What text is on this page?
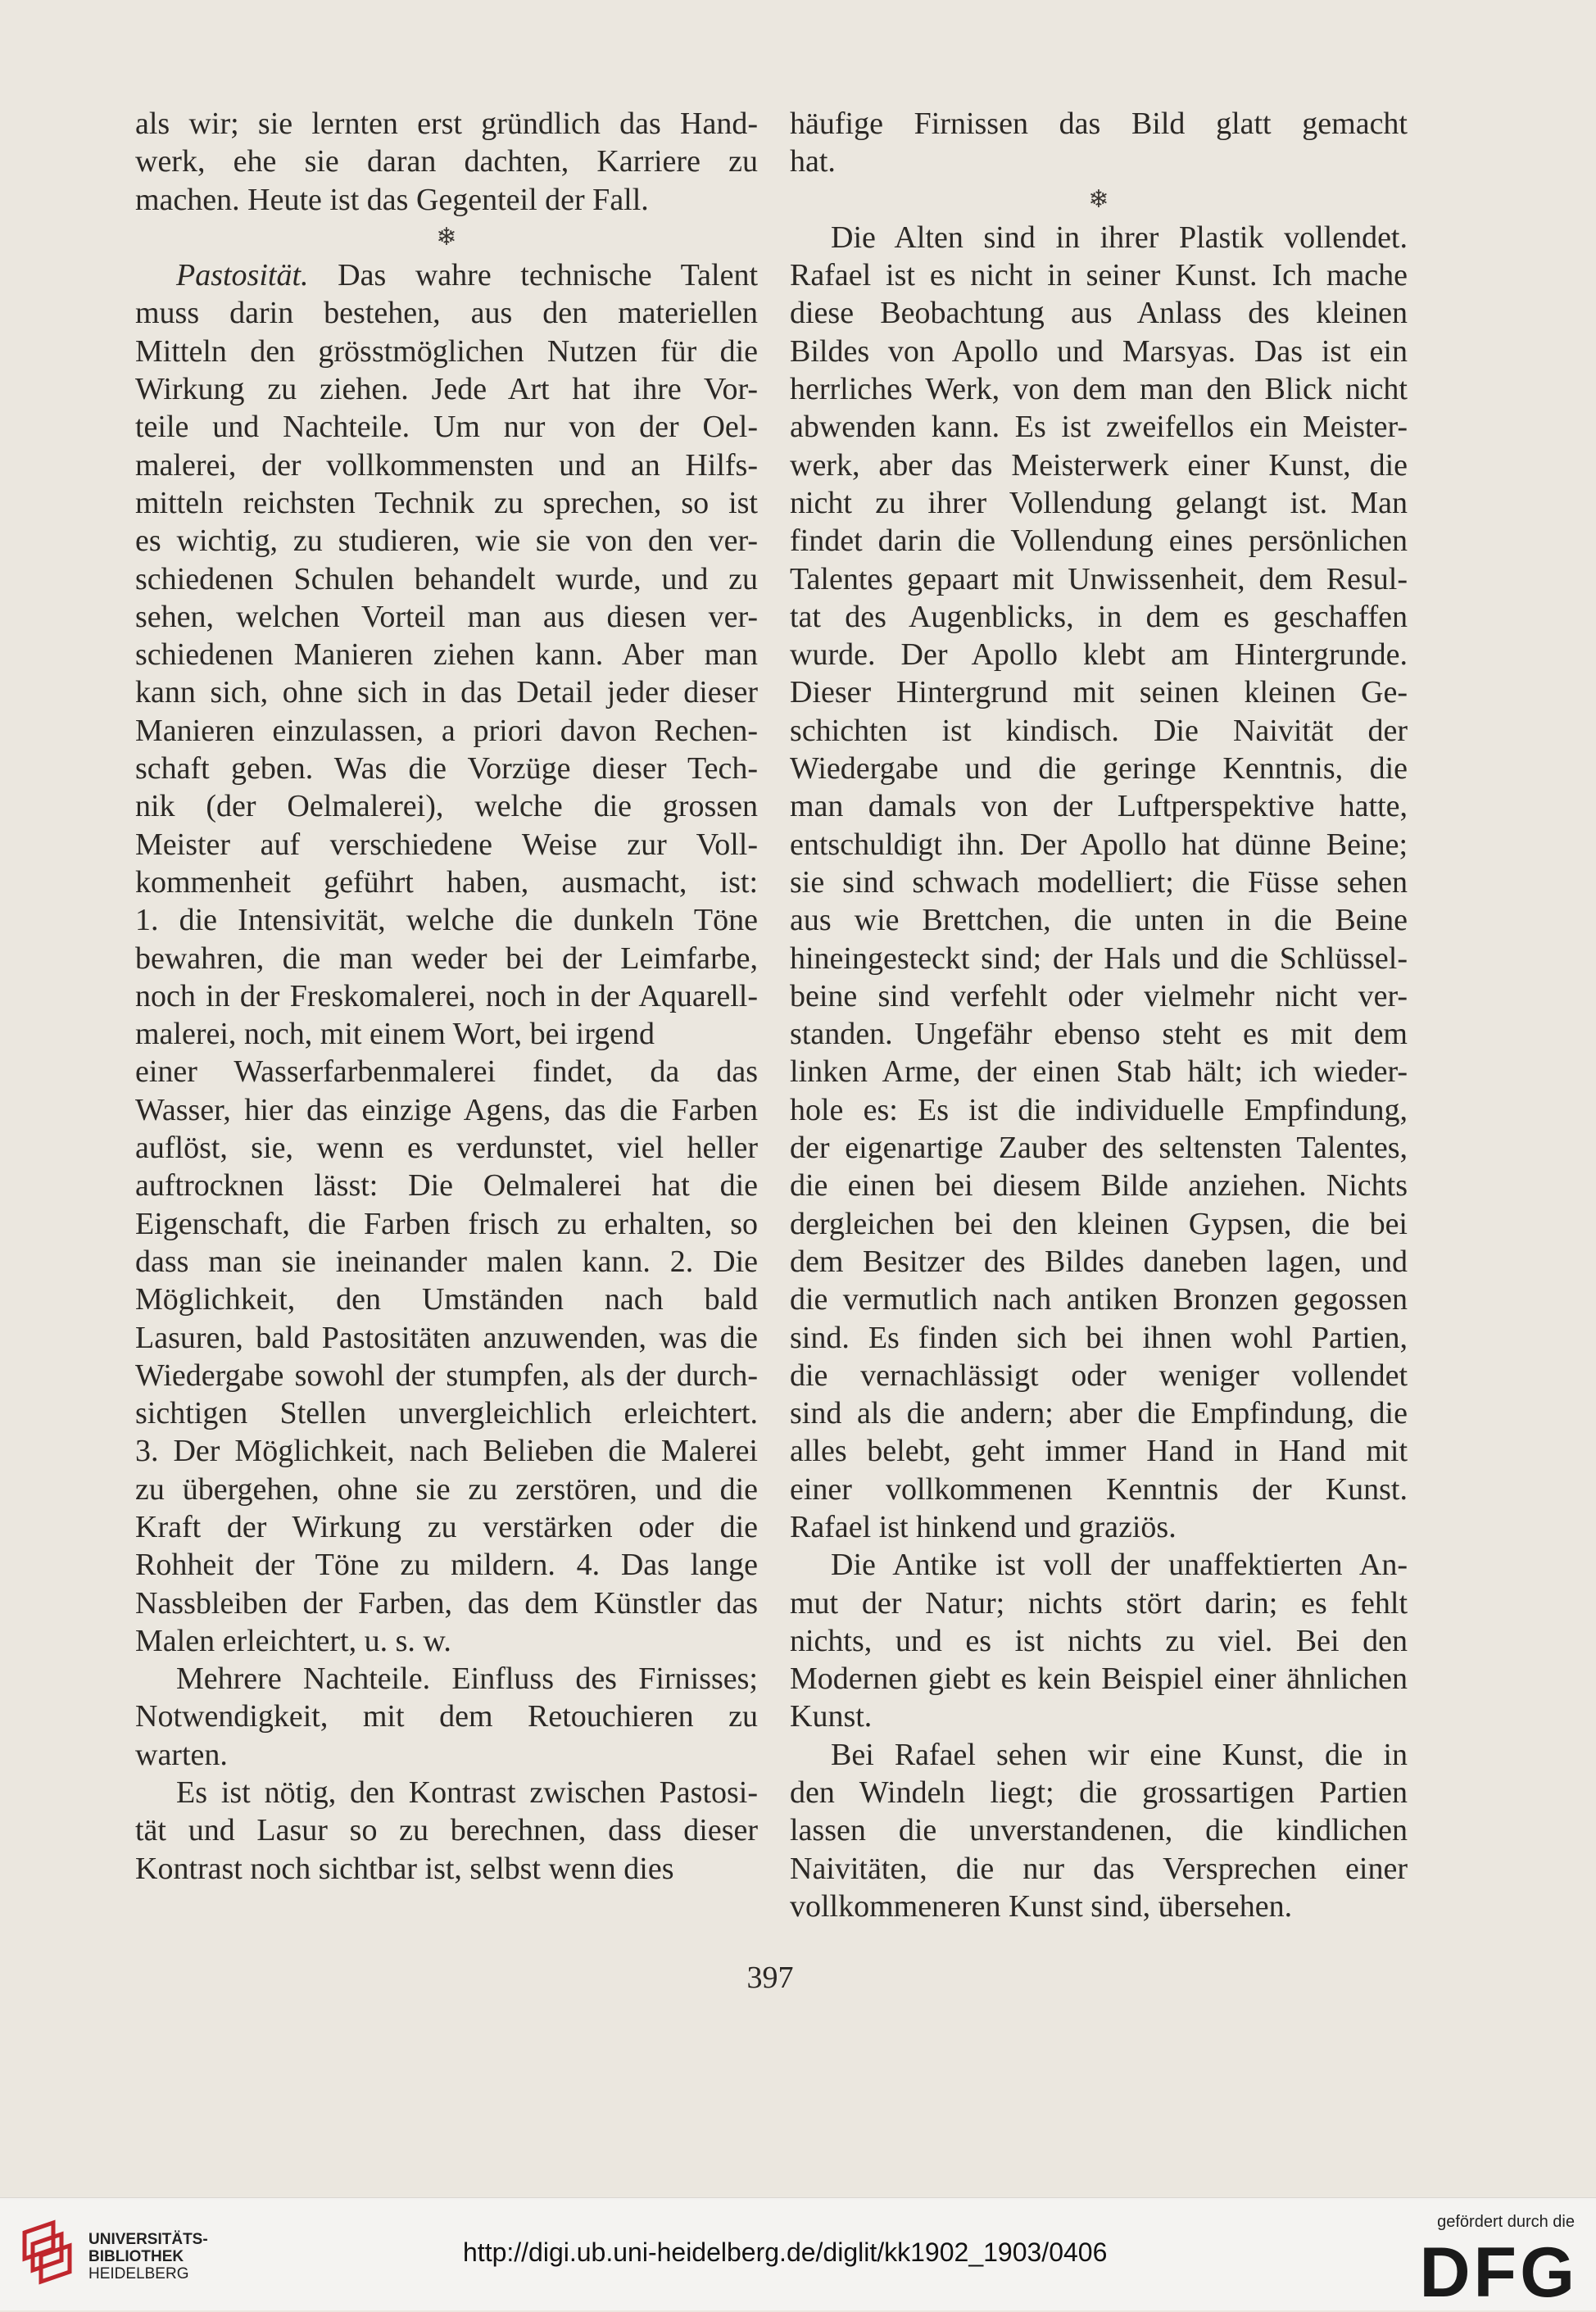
als wir; sie lernten erst gründlich das Hand-
werk, ehe sie daran dachten, Karriere zu
machen. Heute ist das Gegenteil der Fall.
❄
Pastosität. Das wahre technische Talent
muss darin bestehen, aus den materiellen
Mitteln den grösstmöglichen Nutzen für die
Wirkung zu ziehen. Jede Art hat ihre Vor-
teile und Nachteile. Um nur von der Oel-
malerei, der vollkommensten und an Hilfs-
mitteln reichsten Technik zu sprechen, so ist
es wichtig, zu studieren, wie sie von den ver-
schiedenen Schulen behandelt wurde, und zu
sehen, welchen Vorteil man aus diesen ver-
schiedenen Manieren ziehen kann. Aber man
kann sich, ohne sich in das Detail jeder dieser
Manieren einzulassen, a priori davon Rechen-
schaft geben. Was die Vorzüge dieser Tech-
nik (der Oelmalerei), welche die grossen
Meister auf verschiedene Weise zur Voll-
kommenheit geführt haben, ausmacht, ist:
1. die Intensivität, welche die dunkeln Töne
bewahren, die man weder bei der Leimfarbe,
noch in der Freskomalerei, noch in der Aquarell-
malerei, noch, mit einem Wort, bei irgend
einer Wasserfarbenmalerei findet, da das
Wasser, hier das einzige Agens, das die Farben
auflöst, sie, wenn es verdunstet, viel heller
auftrocknen lässt: Die Oelmalerei hat die
Eigenschaft, die Farben frisch zu erhalten, so
dass man sie ineinander malen kann. 2. Die
Möglichkeit, den Umständen nach bald
Lasuren, bald Pastositäten anzuwenden, was die
Wiedergabe sowohl der stumpfen, als der durch-
sichtigen Stellen unvergleichlich erleichtert.
3. Der Möglichkeit, nach Belieben die Malerei
zu übergehen, ohne sie zu zerstören, und die
Kraft der Wirkung zu verstärken oder die
Rohheit der Töne zu mildern. 4. Das lange
Nassbleiben der Farben, das dem Künstler das
Malen erleichtert, u. s. w.
Mehrere Nachteile. Einfluss des Firnisses;
Notwendigkeit, mit dem Retouchieren zu
warten.
Es ist nötig, den Kontrast zwischen Pastosi-
tät und Lasur so zu berechnen, dass dieser
Kontrast noch sichtbar ist, selbst wenn dies
häufige Firnissen das Bild glatt gemacht
hat.
❄
Die Alten sind in ihrer Plastik vollendet.
Rafael ist es nicht in seiner Kunst. Ich mache
diese Beobachtung aus Anlass des kleinen
Bildes von Apollo und Marsyas. Das ist ein
herrliches Werk, von dem man den Blick nicht
abwenden kann. Es ist zweifellos ein Meister-
werk, aber das Meisterwerk einer Kunst, die
nicht zu ihrer Vollendung gelangt ist. Man
findet darin die Vollendung eines persönlichen
Talentes gepaart mit Unwissenheit, dem Resul-
tat des Augenblicks, in dem es geschaffen
wurde. Der Apollo klebt am Hintergrunde.
Dieser Hintergrund mit seinen kleinen Ge-
schichten ist kindisch. Die Naivität der
Wiedergabe und die geringe Kenntnis, die
man damals von der Luftperspektive hatte,
entschuldigt ihn. Der Apollo hat dünne Beine;
sie sind schwach modelliert; die Füsse sehen
aus wie Brettchen, die unten in die Beine
hineingesteckt sind; der Hals und die Schlüssel-
beine sind verfehlt oder vielmehr nicht ver-
standen. Ungefähr ebenso steht es mit dem
linken Arme, der einen Stab hält; ich wieder-
hole es: Es ist die individuelle Empfindung,
der eigenartige Zauber des seltensten Talentes,
die einen bei diesem Bilde anziehen. Nichts
dergleichen bei den kleinen Gypsen, die bei
dem Besitzer des Bildes daneben lagen, und
die vermutlich nach antiken Bronzen gegossen
sind. Es finden sich bei ihnen wohl Partien,
die vernachlässigt oder weniger vollendet
sind als die andern; aber die Empfindung, die
alles belebt, geht immer Hand in Hand mit
einer vollkommenen Kenntnis der Kunst.
Rafael ist hinkend und graziös.
Die Antike ist voll der unaffektierten An-
mut der Natur; nichts stört darin; es fehlt
nichts, und es ist nichts zu viel. Bei den
Modernen giebt es kein Beispiel einer ähnlichen
Kunst.
Bei Rafael sehen wir eine Kunst, die in
den Windeln liegt; die grossartigen Partien
lassen die unverstandenen, die kindlichen
Naivitäten, die nur das Versprechen einer
vollkommeneren Kunst sind, übersehen.
397
UNIVERSITÄTS-
BIBLIOTHEK
HEIDELBERG
http://digi.ub.uni-heidelberg.de/diglit/kk1902_1903/0406
gefördert durch die
DFG
